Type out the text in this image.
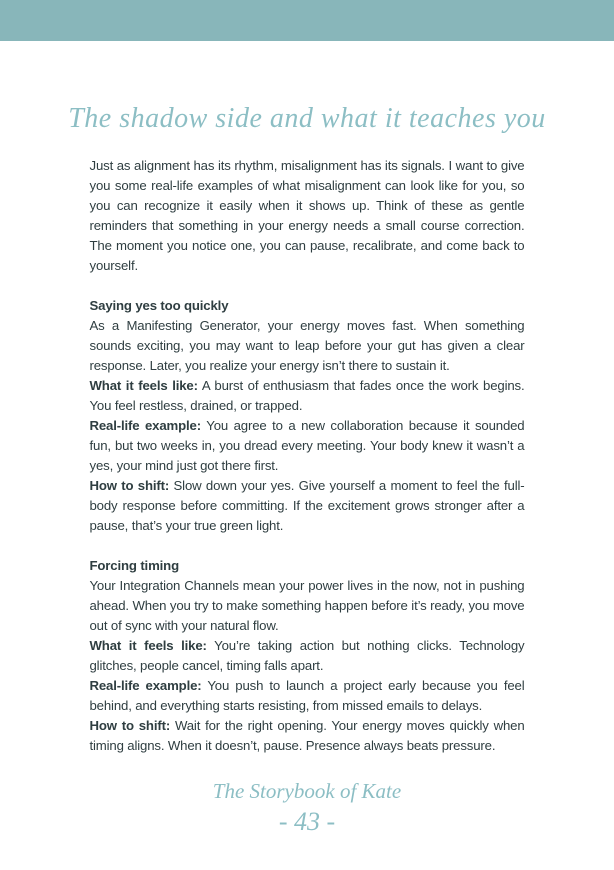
The shadow side and what it teaches you

Just as alignment has its rhythm, misalignment has its signals. I want to give you some real-life examples of what misalignment can look like for you, so you can recognize it easily when it shows up. Think of these as gentle reminders that something in your energy needs a small course correction. The moment you notice one, you can pause, recalibrate, and come back to yourself.

Saying yes too quickly

As a Manifesting Generator, your energy moves fast. When something sounds exciting, you may want to leap before your gut has given a clear response. Later, you realize your energy isn’t there to sustain it.

What it feels like: A burst of enthusiasm that fades once the work begins. You feel restless, drained, or trapped.

Real-life example: You agree to a new collaboration because it sounded fun, but two weeks in, you dread every meeting. Your body knew it wasn’t a yes, your mind just got there first.

How to shift: Slow down your yes. Give yourself a moment to feel the full-body response before committing. If the excitement grows stronger after a pause, that’s your true green light.

Forcing timing

Your Integration Channels mean your power lives in the now, not in pushing ahead. When you try to make something happen before it’s ready, you move out of sync with your natural flow.

What it feels like: You’re taking action but nothing clicks. Technology glitches, people cancel, timing falls apart.

Real-life example: You push to launch a project early because you feel behind, and everything starts resisting, from missed emails to delays.

How to shift: Wait for the right opening. Your energy moves quickly when timing aligns. When it doesn’t, pause. Presence always beats pressure.

The Storybook of Kate

- 43 -
